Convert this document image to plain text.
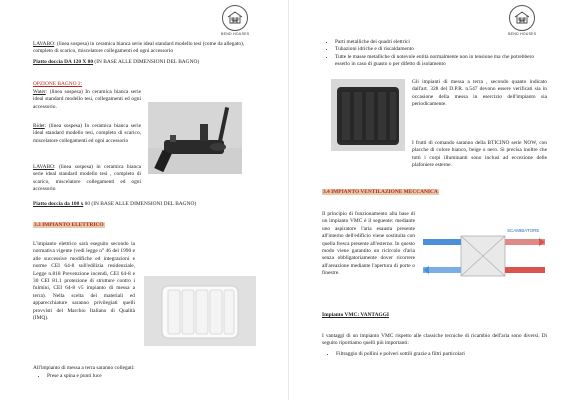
BEND HOUSES
LAVABO: (linea sospesa) in ceramica bianca serie ideal standard modello tesi (come da allegato), completo di scarico, miscelatore collegamenti ed ogni accessorio
Piatto doccia DA 120 X 80 (IN BASE ALLE DIMENSIONI DEL BAGNO)
OPZIONE BAGNO 2:
Water: (linea sospesa) In ceramica bianca serie ideal standard modello tesi, collegamenti ed ogni accessorio.
Bidet: (linea sospesa) In ceramica bianca serie ideal standard modello tesi, completo di scarico, miscelatore collegamenti ed ogni accessorio
LAVABO: (linea sospesa) in ceramica bianca serie ideal standard modello tesi , completo di scarico, miscelatore collegamenti ed ogni accessorio
Piatto doccia da 100 x 80 (IN BASE ALLE DIMENSIONI DEL BAGNO)
3.3 IMPIANTO ELETTRICO
L'impianto elettrico sarà eseguito secondo la normativa vigente (vedi legge n° 46 del 1990 e alle successive modifiche ed integrazioni e norme CEI 64-8 sull'edilizia residenziale, Legge n.818 Prevenzione incendi, CEI 64-8 e 30 CEI 81.1 protezione di strutture contro i fulmini, CEI 64-8 v5 impianto di messa a terra). Nella scelta dei materiali ed apparecchiature saranno privilegiati quelli provvisti del Marchio Italiano di Qualità (IMQ).
All'impianto di messa a terra saranno collegati:
• Prese a spina e punti luce
BEND HOUSES
• Parti metalliche dei quadri elettrici
• Tubazioni idriche e di riscaldamento
• Tutte le masse metalliche di notevole entità normalmente non in tensione ma che potrebbero esserlo in caso di guasto o per difetto di isolamento
Gli impianti di messa a terra , secondo quanto indicato dall'art. 328 del D.P.R. n.547 devono essere verificati sia in occasione della messa in esercizio dell'impianto sia periodicamente.
I frutti di comando saranno della BTICINO serie NOW, con placche di colore bianco, beige o nero. Si precisa inoltre che tutti i corpi illuminanti sono inclusi ad eccezione delle plafoniere esterne.
3.4 IMPIANTO VENTILAZIONE MECCANICA
Il principio di funzionamento alla base di un impianto VMC è il seguente: mediante uno aspiratore l'aria esausta presente all'interno dell'edificio viene sostituita con quella fresca presente all'esterno. In questo modo viene garantito un ricircolo d'aria senza obbligatoriamente dover ricorrere all'areazione mediante l'apertura di porte o finestre.
SCAMBIATORE
Impianto VMC: VANTAGGI
I vantaggi di un impianto VMC rispetto alle classiche tecniche di ricambio dell'aria sono diversi. Di seguito riportiamo quelli più importanti:
• Filtraggio di pollini e polveri sottili grazie a filtri particolari
